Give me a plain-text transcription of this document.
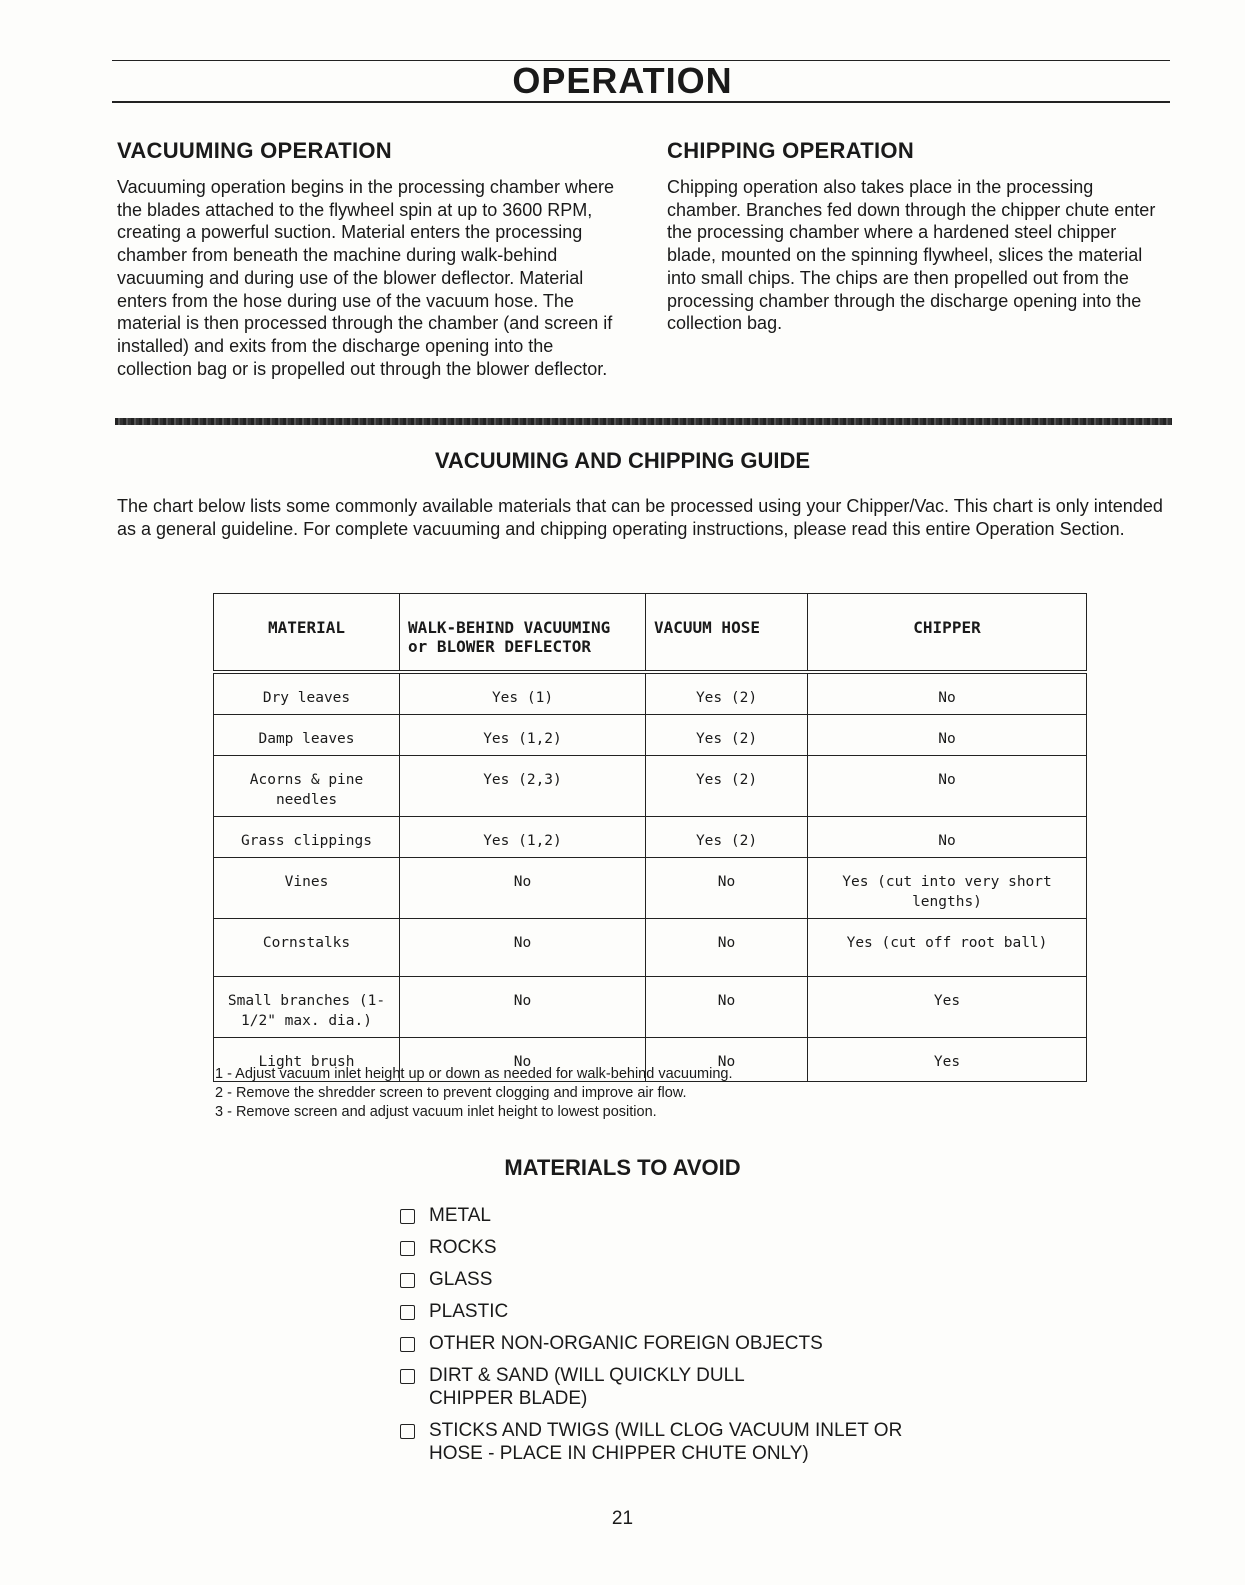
OPERATION
VACUUMING OPERATION

Vacuuming operation begins in the processing chamber where the blades attached to the flywheel spin at up to 3600 RPM, creating a powerful suction. Material enters the processing chamber from beneath the machine during walk-behind vacuuming and during use of the blower deflector. Material enters from the hose during use of the vacuum hose. The material is then processed through the chamber (and screen if installed) and exits from the discharge opening into the collection bag or is propelled out through the blower deflector.

CHIPPING OPERATION

Chipping operation also takes place in the processing chamber. Branches fed down through the chipper chute enter the processing chamber where a hardened steel chipper blade, mounted on the spinning flywheel, slices the material into small chips. The chips are then propelled out from the processing chamber through the discharge opening into the collection bag.

VACUUMING AND CHIPPING GUIDE

The chart below lists some commonly available materials that can be processed using your Chipper/Vac. This chart is only intended as a general guideline. For complete vacuuming and chipping operating instructions, please read this entire Operation Section.

MATERIAL	WALK-BEHIND VACUUMING or BLOWER DEFLECTOR	VACUUM HOSE	CHIPPER
Dry leaves	Yes (1)	Yes (2)	No
Damp leaves	Yes (1,2)	Yes (2)	No
Acorns & pine needles	Yes (2,3)	Yes (2)	No
Grass clippings	Yes (1,2)	Yes (2)	No
Vines	No	No	Yes (cut into very short lengths)
Cornstalks	No	No	Yes (cut off root ball)
Small branches (1-1/2" max. dia.)	No	No	Yes
Light brush	No	No	Yes
1 - Adjust vacuum inlet height up or down as needed for walk-behind vacuuming.
2 - Remove the shredder screen to prevent clogging and improve air flow.
3 - Remove screen and adjust vacuum inlet height to lowest position.
MATERIALS TO AVOID
METAL
ROCKS
GLASS
PLASTIC
OTHER NON-ORGANIC FOREIGN OBJECTS
DIRT & SAND (WILL QUICKLY DULL CHIPPER BLADE)
STICKS AND TWIGS (WILL CLOG VACUUM INLET OR HOSE - PLACE IN CHIPPER CHUTE ONLY)
21
